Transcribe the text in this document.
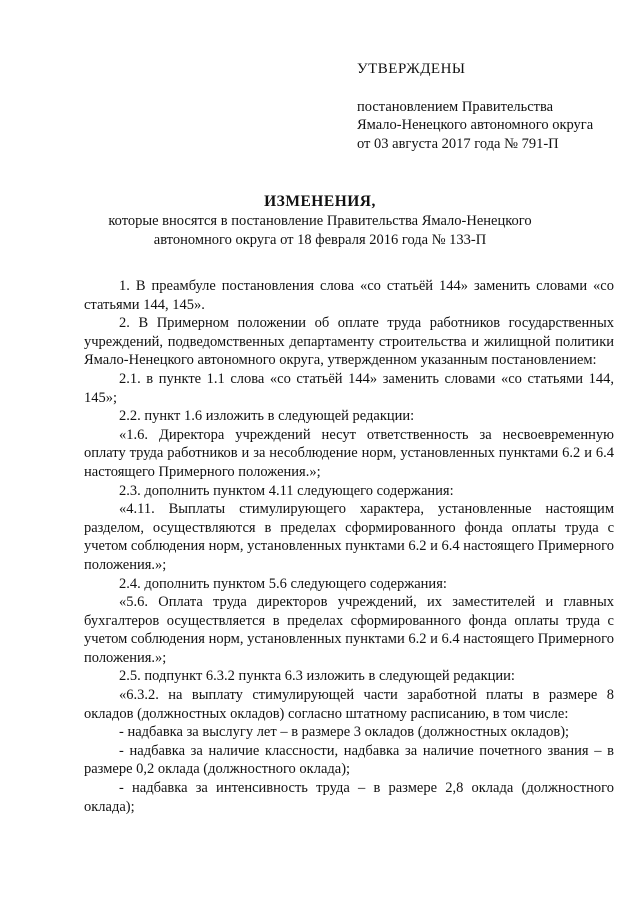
УТВЕРЖДЕНЫ
постановлением Правительства
Ямало-Ненецкого автономного округа
от 03 августа 2017 года № 791-П
ИЗМЕНЕНИЯ,
которые вносятся в постановление Правительства Ямало-Ненецкого
автономного округа от 18 февраля 2016 года № 133-П

1. В преамбуле постановления слова «со статьёй 144» заменить словами «со статьями 144, 145».

2. В Примерном положении об оплате труда работников государственных учреждений, подведомственных департаменту строительства и жилищной политики Ямало-Ненецкого автономного округа, утвержденном указанным постановлением:

2.1. в пункте 1.1 слова «со статьёй 144» заменить словами «со статьями 144, 145»;

2.2. пункт 1.6 изложить в следующей редакции:

«1.6. Директора учреждений несут ответственность за несвоевременную оплату труда работников и за несоблюдение норм, установленных пунктами 6.2 и 6.4 настоящего Примерного положения.»;

2.3. дополнить пунктом 4.11 следующего содержания:

«4.11. Выплаты стимулирующего характера, установленные настоящим разделом, осуществляются в пределах сформированного фонда оплаты труда с учетом соблюдения норм, установленных пунктами 6.2 и 6.4 настоящего Примерного положения.»;

2.4. дополнить пунктом 5.6 следующего содержания:

«5.6. Оплата труда директоров учреждений, их заместителей и главных бухгалтеров осуществляется в пределах сформированного фонда оплаты труда с учетом соблюдения норм, установленных пунктами 6.2 и 6.4 настоящего Примерного положения.»;

2.5. подпункт 6.3.2 пункта 6.3 изложить в следующей редакции:

«6.3.2. на выплату стимулирующей части заработной платы в размере 8 окладов (должностных окладов) согласно штатному расписанию, в том числе:

- надбавка за выслугу лет – в размере 3 окладов (должностных окладов);

- надбавка за наличие классности, надбавка за наличие почетного звания – в размере 0,2 оклада (должностного оклада);

- надбавка за интенсивность труда – в размере 2,8 оклада (должностного оклада);
